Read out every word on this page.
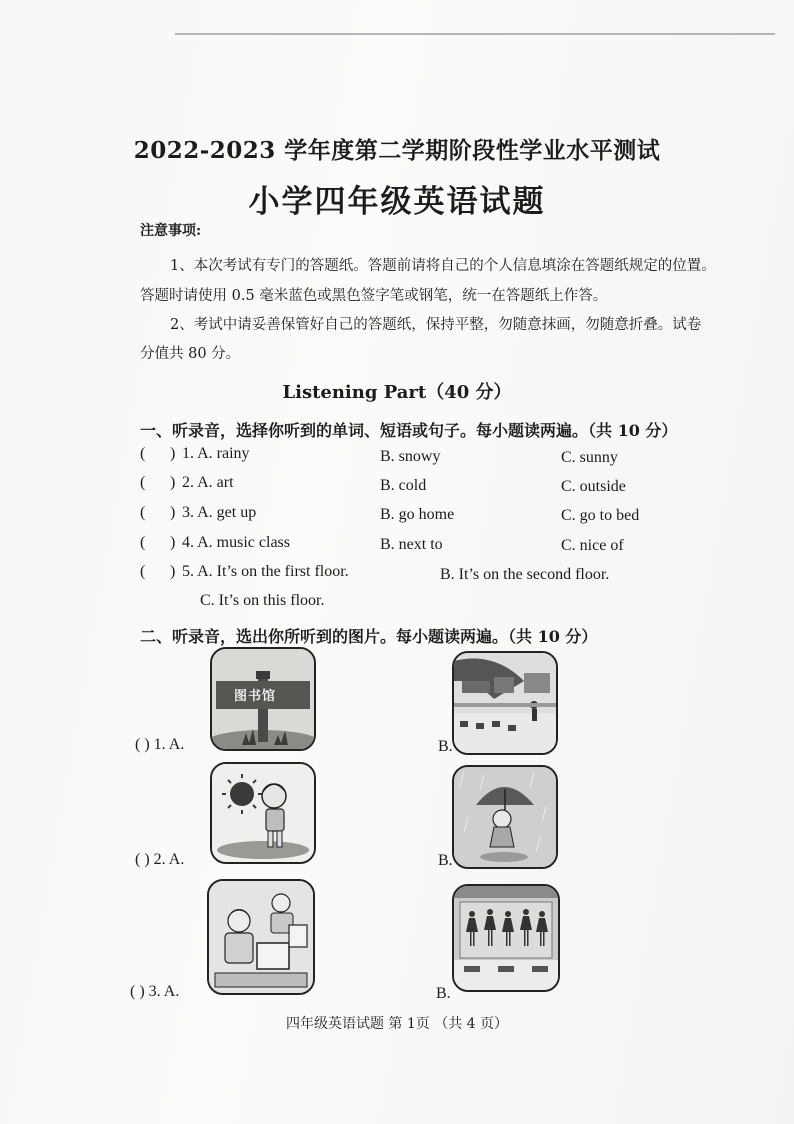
2022-2023 学年度第二学期阶段性学业水平测试
小学四年级英语试题
注意事项:
1、本次考试有专门的答题纸。答题前请将自己的个人信息填涂在答题纸规定的位置。
答题时请使用 0.5 毫米蓝色或黑色签字笔或钢笔，统一在答题纸上作答。
2、考试中请妥善保管好自己的答题纸，保持平整，勿随意抹画，勿随意折叠。试卷
分值共 80 分。
Listening Part（40 分）
一、听录音，选择你听到的单词、短语或句子。每小题读两遍。（共 10 分）
( ) 1. A. rainy	B. snowy	C. sunny
( ) 2. A. art	B. cold	C. outside
( ) 3. A. get up	B. go home	C. go to bed
( ) 4. A. music class	B. next to	C. nice of
( ) 5. A. It’s on the first floor.	B. It’s on the second floor.
C. It’s on this floor.
二、听录音，选出你所听到的图片。每小题读两遍。（共 10 分）
( ) 1. A.
图书馆
B.
( ) 2. A.	B.
( ) 3. A.	B.
四年级英语试题 第 1页 （共 4 页）
